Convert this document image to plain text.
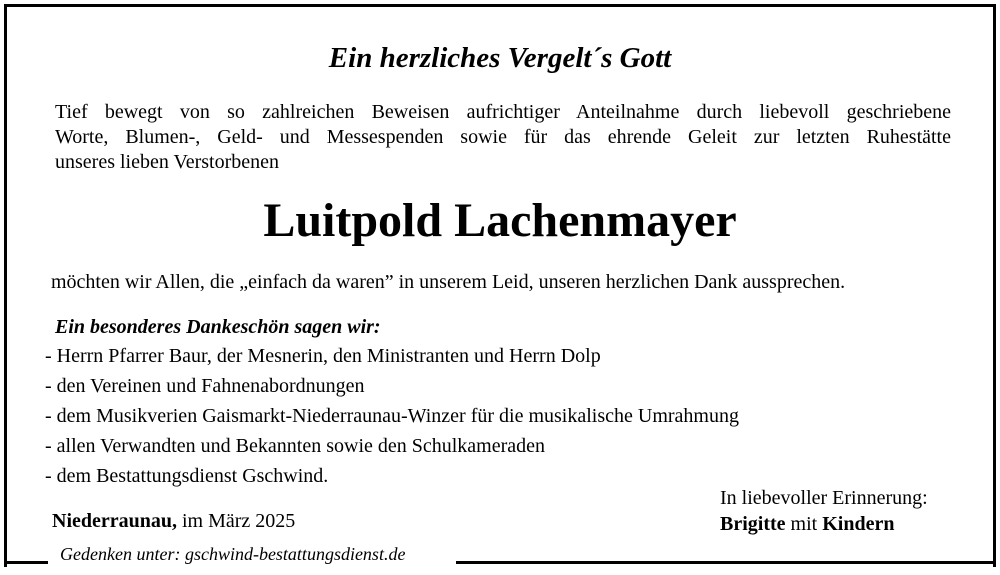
Ein herzliches Vergelt´s Gott
Tief bewegt von so zahlreichen Beweisen aufrichtiger Anteilnahme durch liebevoll geschriebene
Worte, Blumen-, Geld- und Messespenden sowie für das ehrende Geleit zur letzten Ruhestätte
unseres lieben Verstorbenen
Luitpold Lachenmayer
möchten wir Allen, die „einfach da waren” in unserem Leid, unseren herzlichen Dank aussprechen.
Ein besonderes Dankeschön sagen wir:
- Herrn Pfarrer Baur, der Mesnerin, den Ministranten und Herrn Dolp
- den Vereinen und Fahnenabordnungen
- dem Musikverien Gaismarkt-Niederraunau-Winzer für die musikalische Umrahmung
- allen Verwandten und Bekannten sowie den Schulkameraden
- dem Bestattungsdienst Gschwind.
Niederraunau, im März 2025
In liebevoller Erinnerung:
Brigitte mit Kindern
Gedenken unter: gschwind-bestattungsdienst.de
